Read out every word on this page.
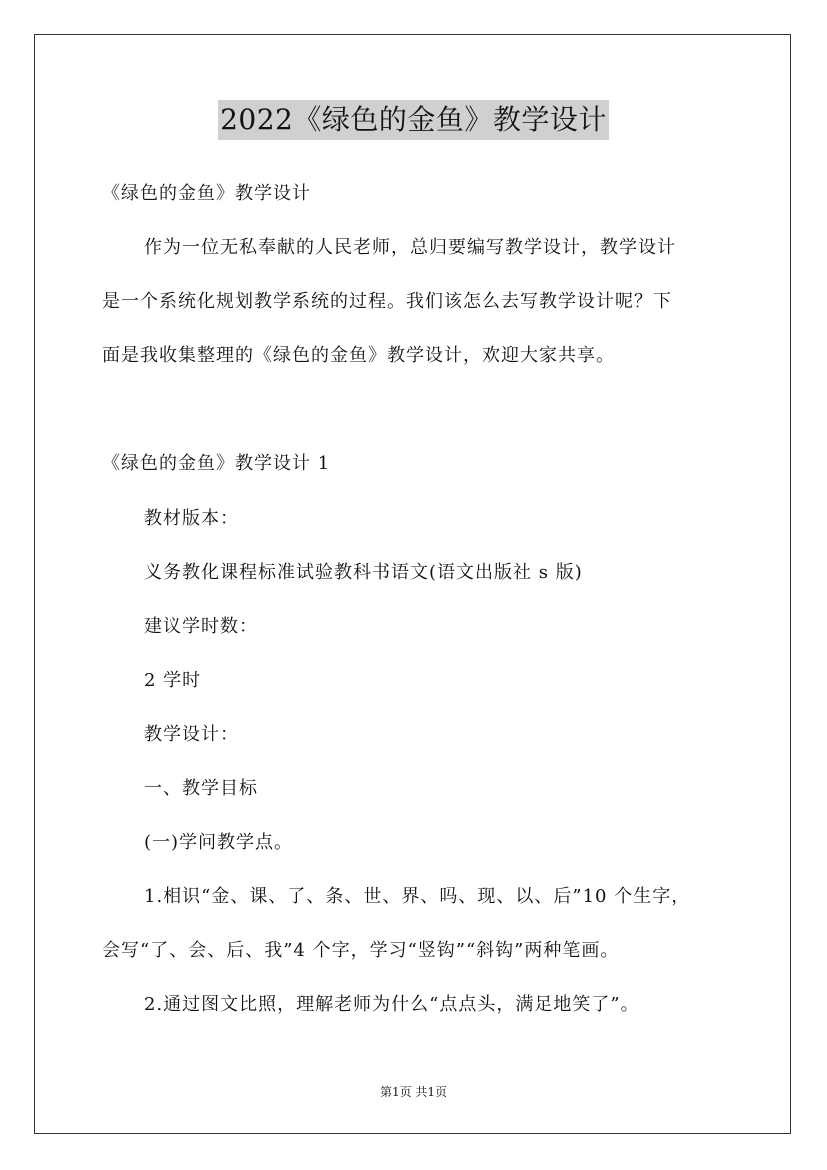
2022《绿色的金鱼》教学设计
《绿色的金鱼》教学设计
作为一位无私奉献的人民老师，总归要编写教学设计，教学设计
是一个系统化规划教学系统的过程。我们该怎么去写教学设计呢？下
面是我收集整理的《绿色的金鱼》教学设计，欢迎大家共享。
《绿色的金鱼》教学设计 1
教材版本：
义务教化课程标准试验教科书语文(语文出版社 s 版)
建议学时数：
2 学时
教学设计：
一、教学目标
(一)学问教学点。
1.相识“金、课、了、条、世、界、吗、现、以、后”10 个生字，
会写“了、会、后、我”4 个字，学习“竖钩”“斜钩”两种笔画。
2.通过图文比照，理解老师为什么“点点头，满足地笑了”。
第1页 共1页
